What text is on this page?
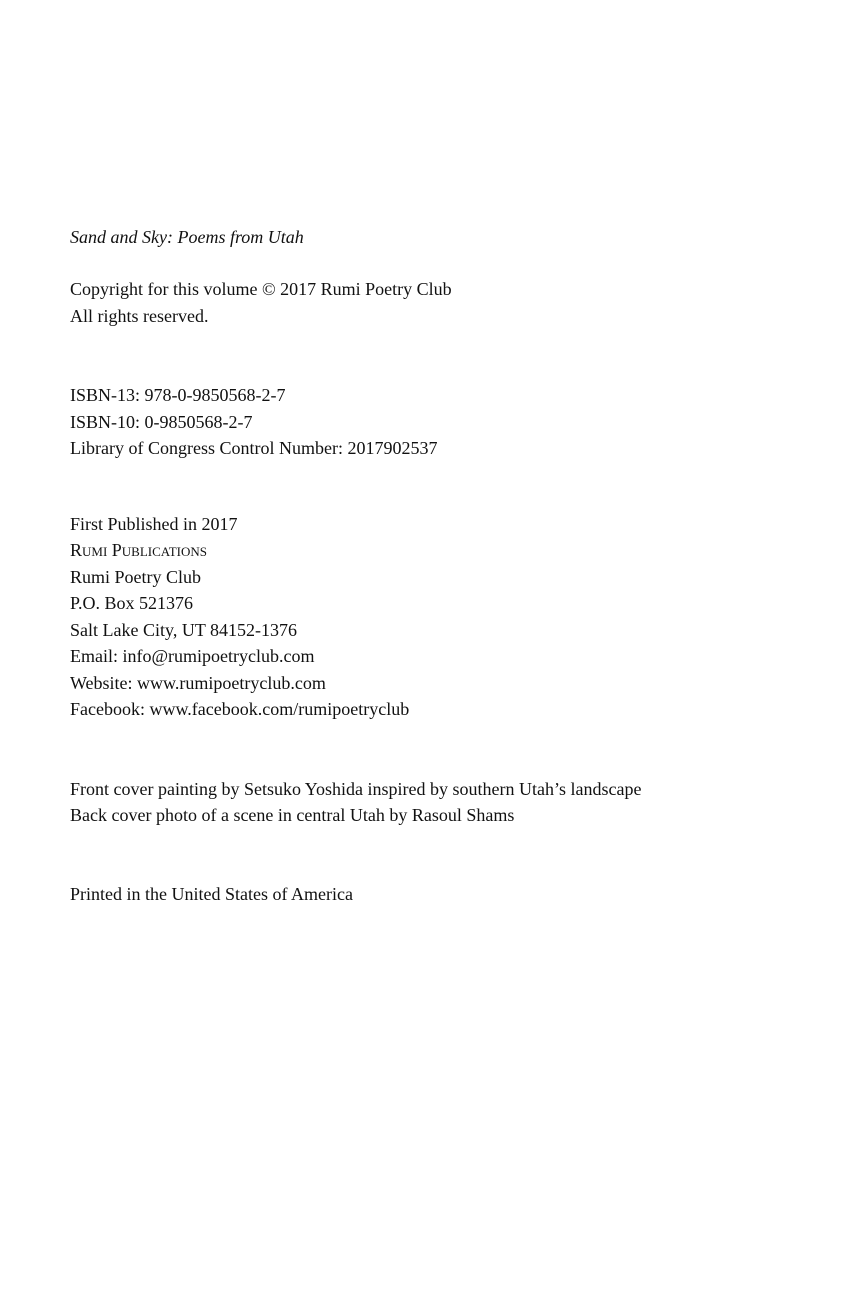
Sand and Sky: Poems from Utah

Copyright for this volume © 2017 Rumi Poetry Club

All rights reserved.

ISBN-13: 978-0-9850568-2-7

ISBN-10: 0-9850568-2-7

Library of Congress Control Number: 2017902537

First Published in 2017

Rumi Publications

Rumi Poetry Club

P.O. Box 521376

Salt Lake City, UT 84152-1376

Email: info@rumipoetryclub.com

Website: www.rumipoetryclub.com

Facebook: www.facebook.com/rumipoetryclub

Front cover painting by Setsuko Yoshida inspired by southern Utah’s landscape

Back cover photo of a scene in central Utah by Rasoul Shams

Printed in the United States of America
